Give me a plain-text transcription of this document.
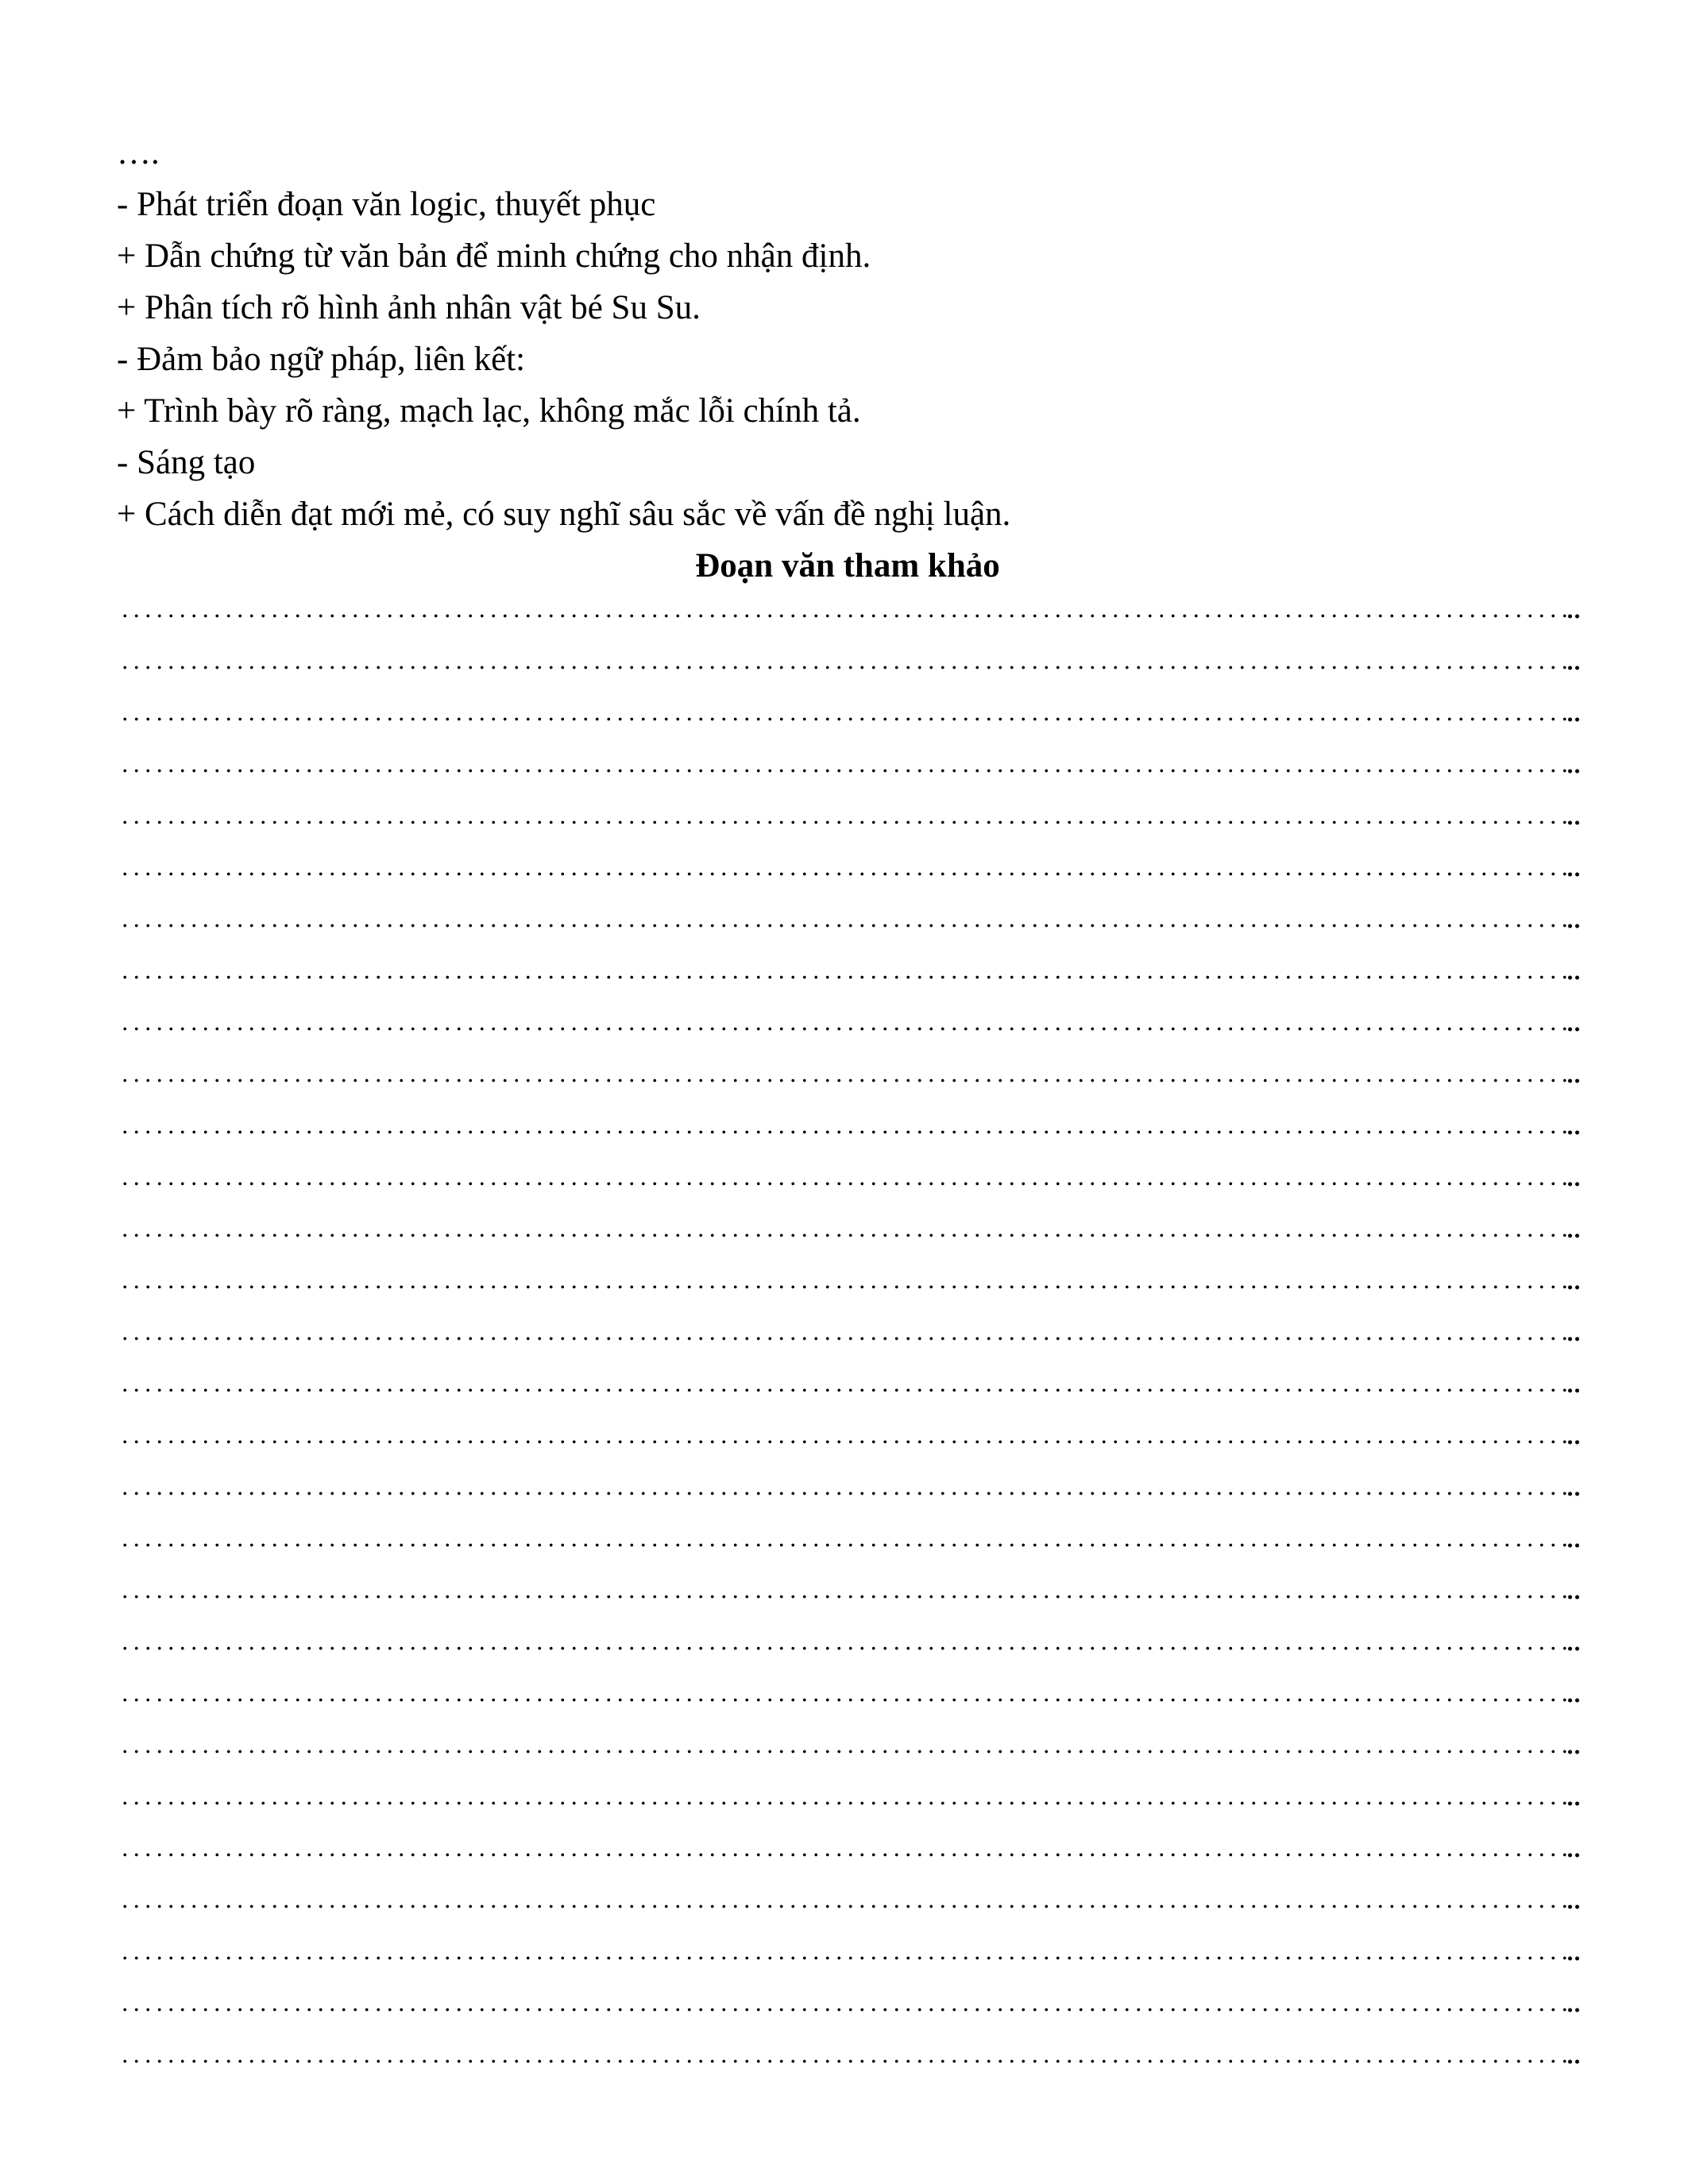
….
- Phát triển đoạn văn logic, thuyết phục
+ Dẫn chứng từ văn bản để minh chứng cho nhận định.
+ Phân tích rõ hình ảnh nhân vật bé Su Su.
- Đảm bảo ngữ pháp, liên kết:
+ Trình bày rõ ràng, mạch lạc, không mắc lỗi chính tả.
- Sáng tạo
+ Cách diễn đạt mới mẻ, có suy nghĩ sâu sắc về vấn đề nghị luận.
Đoạn văn tham khảo
